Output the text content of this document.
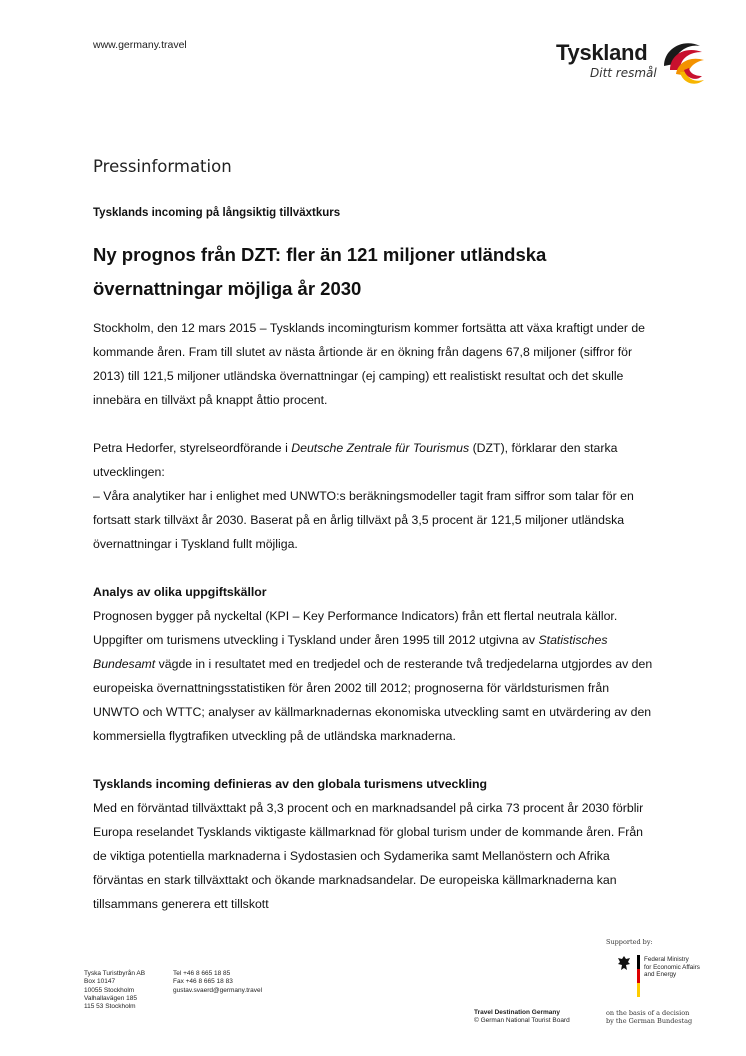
www.germany.travel	Tyskland
Ditt resmål
Pressinformation
Tysklands incoming på långsiktig tillväxtkurs
Ny prognos från DZT: fler än 121 miljoner utländska övernattningar möjliga år 2030

Stockholm, den 12 mars 2015 – Tysklands incomingturism kommer fortsätta att växa kraftigt under de kommande åren. Fram till slutet av nästa årtionde är en ökning från dagens 67,8 miljoner (siffror för 2013) till 121,5 miljoner utländska övernattningar (ej camping) ett realistiskt resultat och det skulle innebära en tillväxt på knappt åttio procent.

Petra Hedorfer, styrelseordförande i Deutsche Zentrale für Tourismus (DZT), förklarar den starka utvecklingen:

– Våra analytiker har i enlighet med UNWTO:s beräkningsmodeller tagit fram siffror som talar för en fortsatt stark tillväxt år 2030. Baserat på en årlig tillväxt på 3,5 procent är 121,5 miljoner utländska övernattningar i Tyskland fullt möjliga.

Analys av olika uppgiftskällor

Prognosen bygger på nyckeltal (KPI – Key Performance Indicators) från ett flertal neutrala källor. Uppgifter om turismens utveckling i Tyskland under åren 1995 till 2012 utgivna av Statistisches Bundesamt vägde in i resultatet med en tredjedel och de resterande två tredjedelarna utgjordes av den europeiska övernattningsstatistiken för åren 2002 till 2012; prognoserna för världsturismen från UNWTO och WTTC; analyser av källmarknadernas ekonomiska utveckling samt en utvärdering av den kommersiella flygtrafiken utveckling på de utländska marknaderna.

Tysklands incoming definieras av den globala turismens utveckling

Med en förväntad tillväxttakt på 3,3 procent och en marknadsandel på cirka 73 procent år 2030 förblir Europa reselandet Tysklands viktigaste källmarknad för global turism under de kommande åren. Från de viktiga potentiella marknaderna i Sydostasien och Sydamerika samt Mellanöstern och Afrika förväntas en stark tillväxttakt och ökande marknadsandelar. De europeiska källmarknaderna kan tillsammans generera ett tillskott

Supported by:
Federal Ministry
for Economic Affairs
and Energy
Tyska Turistbyrån AB
Box 10147
10055 Stockholm
Valhallavägen 185
115 53 Stockholm
Tel +46 8 665 18 85
Fax +46 8 665 18 83
gustav.svaerd@germany.travel
Travel Destination Germany
© German National Tourist Board
on the basis of a decision
by the German Bundestag
